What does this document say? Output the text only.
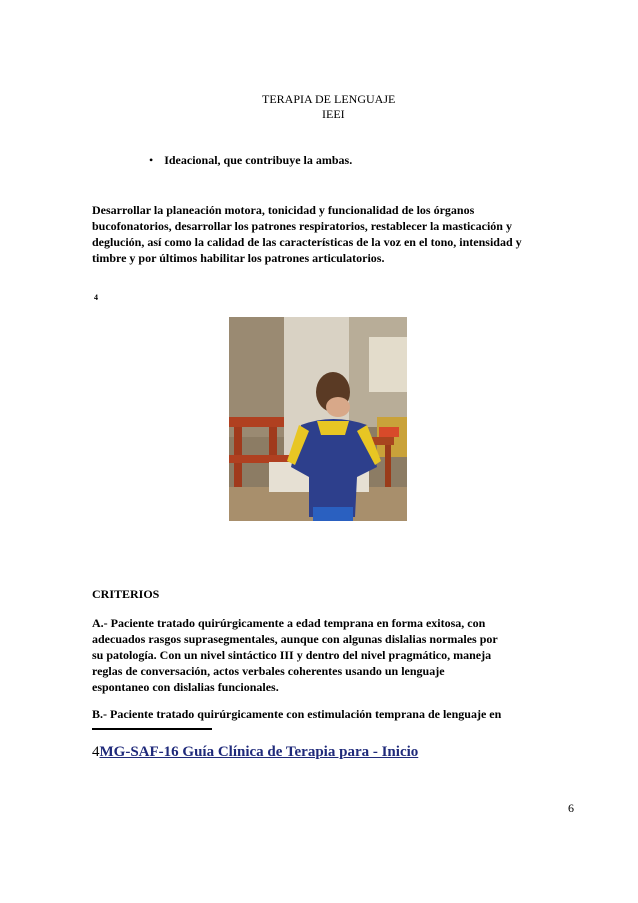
TERAPIA DE LENGUAJE
IEEI
• Ideacional, que contribuye la ambas.
Desarrollar la planeación motora, tonicidad y funcionalidad de los órganos
bucofonatorios, desarrollar los patrones respiratorios, restablecer la masticación y
deglución, así como la calidad de las características de la voz en el tono, intensidad y
timbre y por últimos habilitar los patrones articulatorios.
4
CRITERIOS
A.- Paciente tratado quirúrgicamente a edad temprana en forma exitosa, con
adecuados rasgos suprasegmentales, aunque con algunas dislalias normales por
su patología. Con un nivel sintáctico III y dentro del nivel pragmático, maneja
reglas de conversación, actos verbales coherentes usando un lenguaje
espontaneo con dislalias funcionales.
B.- Paciente tratado quirúrgicamente con estimulación temprana de lenguaje en
4MG-SAF-16 Guía Clínica de Terapia para - Inicio
6
